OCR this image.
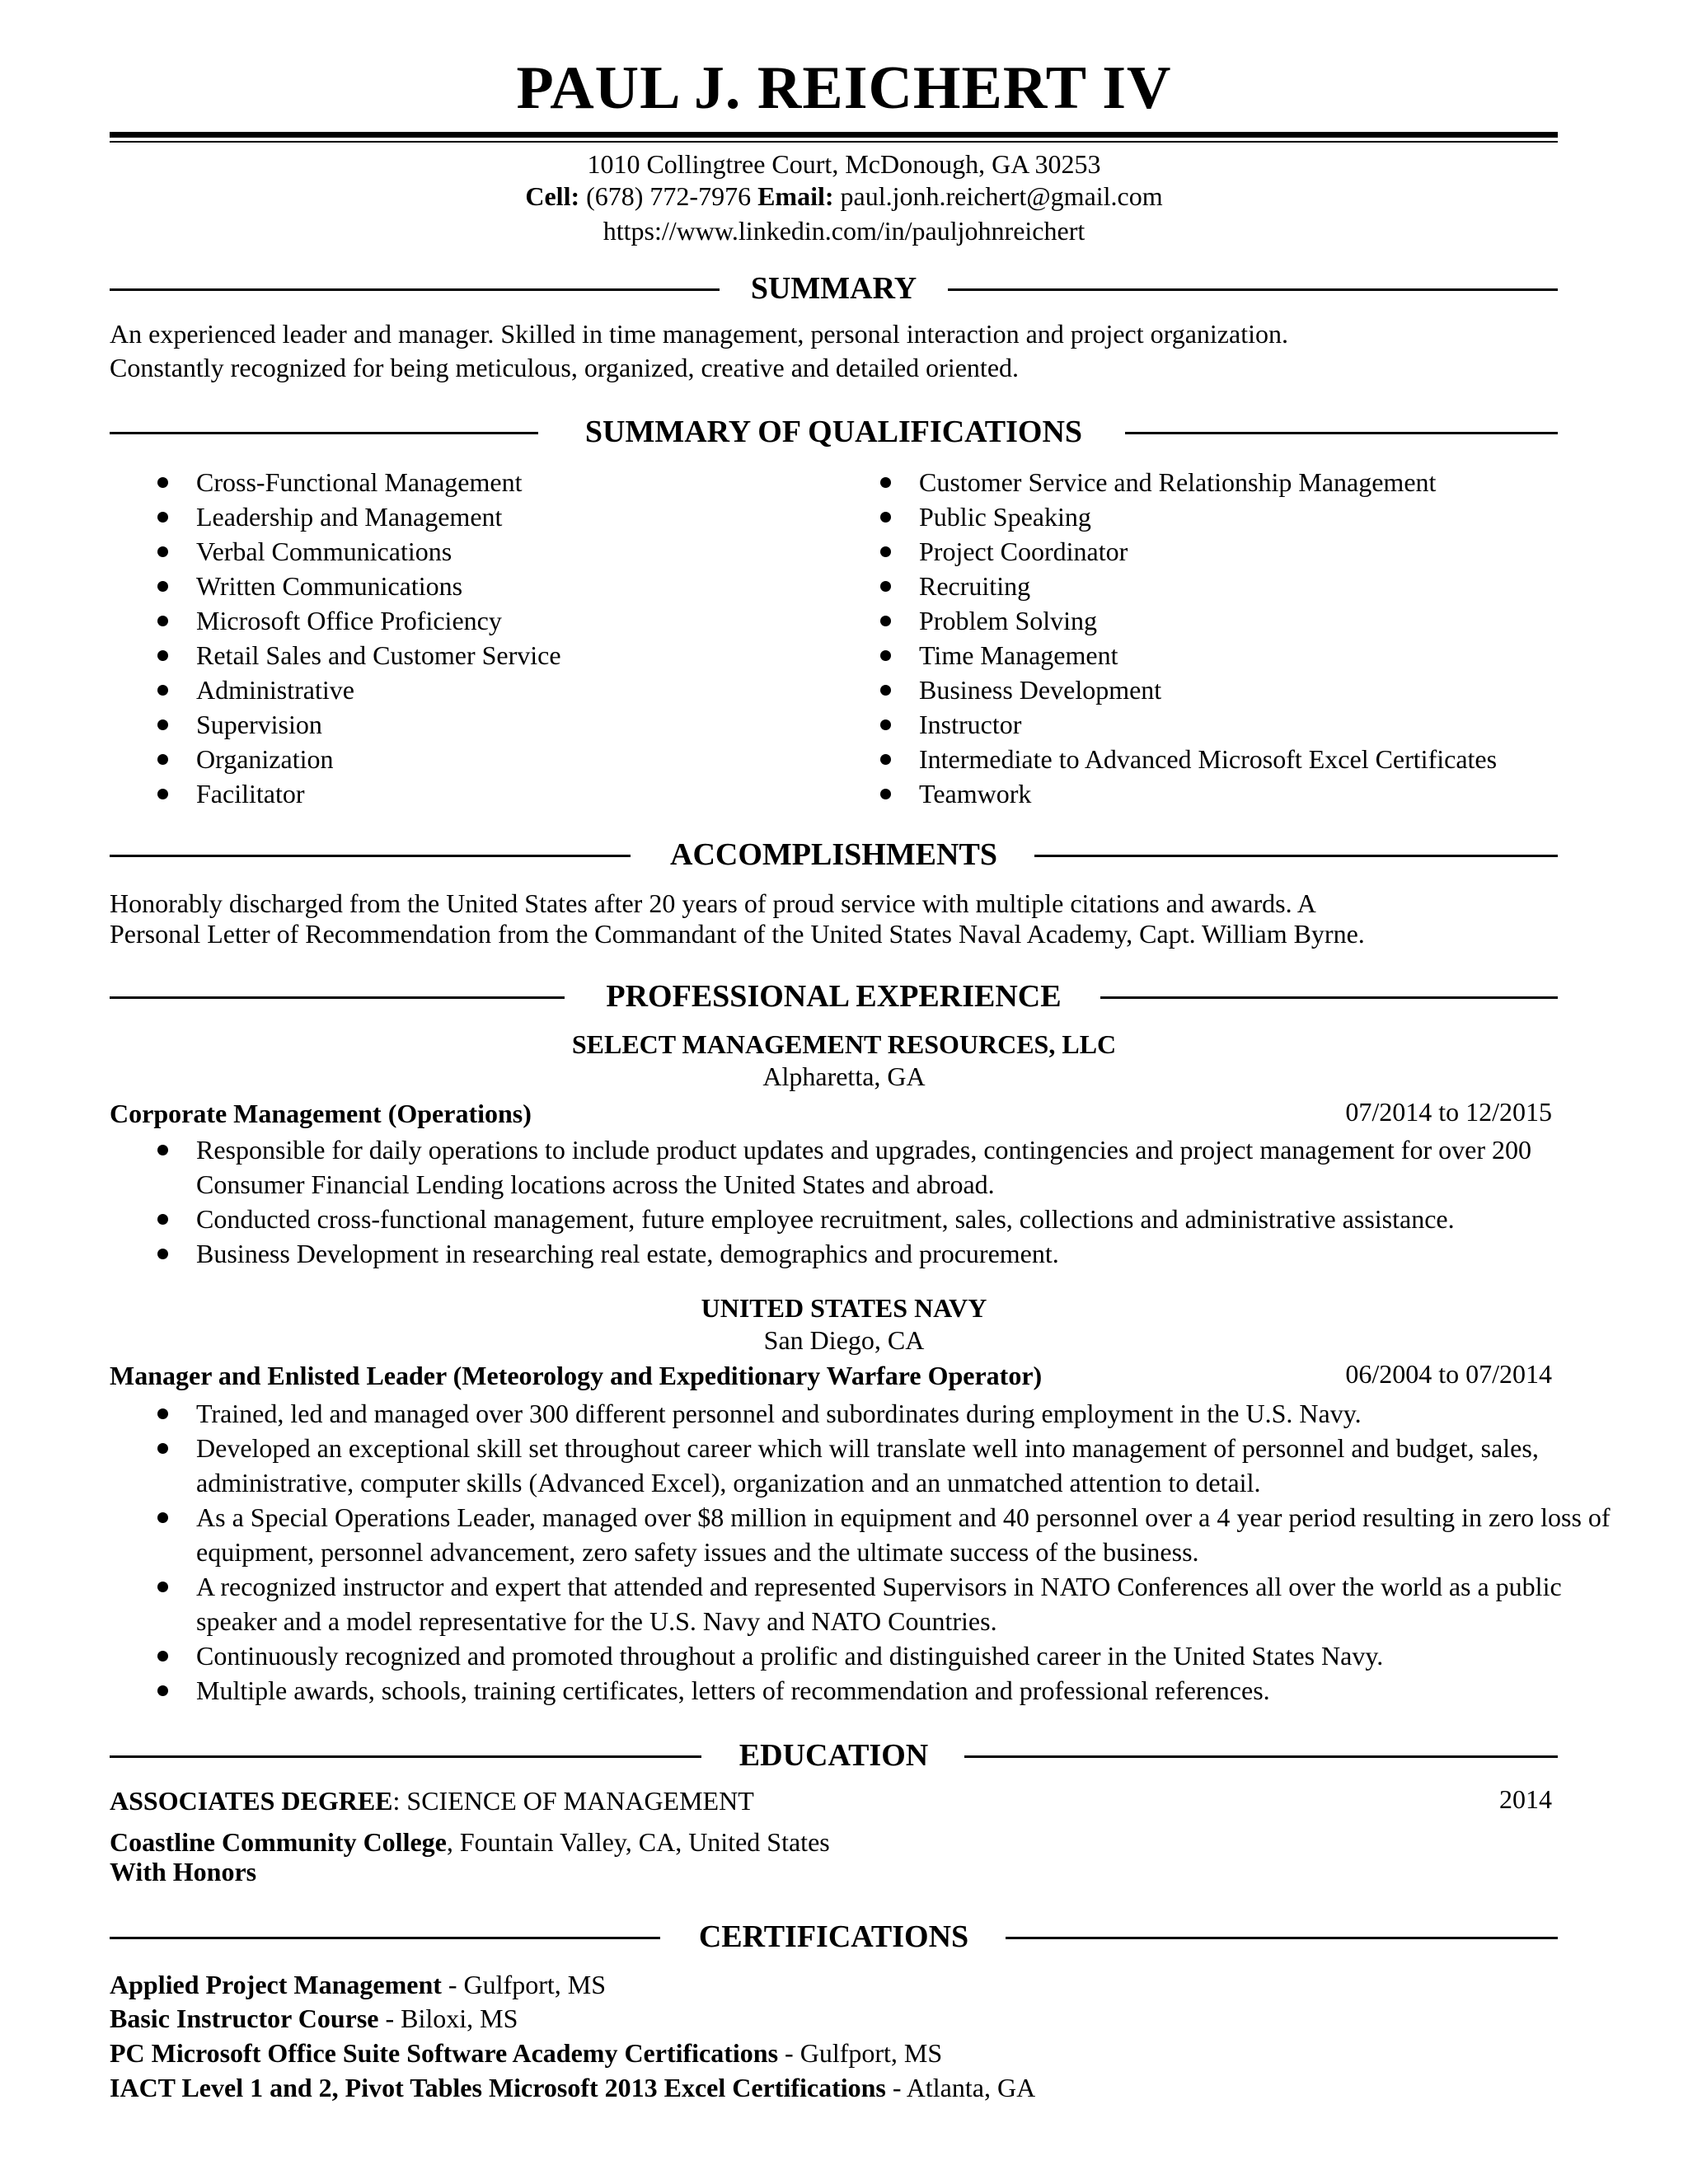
PAUL J. REICHERT IV
1010 Collingtree Court, McDonough, GA 30253
Cell: (678) 772-7976 Email: paul.jonh.reichert@gmail.com
https://www.linkedin.com/in/pauljohnreichert
SUMMARY
An experienced leader and manager. Skilled in time management, personal interaction and project organization.
Constantly recognized for being meticulous, organized, creative and detailed oriented.
SUMMARY OF QUALIFICATIONS
Cross-Functional Management
Leadership and Management
Verbal Communications
Written Communications
Microsoft Office Proficiency
Retail Sales and Customer Service
Administrative
Supervision
Organization
Facilitator
Customer Service and Relationship Management
Public Speaking
Project Coordinator
Recruiting
Problem Solving
Time Management
Business Development
Instructor
Intermediate to Advanced Microsoft Excel Certificates
Teamwork
ACCOMPLISHMENTS
Honorably discharged from the United States after 20 years of proud service with multiple citations and awards. A
Personal Letter of Recommendation from the Commandant of the United States Naval Academy, Capt. William Byrne.
PROFESSIONAL EXPERIENCE
SELECT MANAGEMENT RESOURCES, LLC
Alpharetta, GA
Corporate Management (Operations)	07/2014 to 12/2015
Responsible for daily operations to include product updates and upgrades, contingencies and project management for over 200 Consumer Financial Lending locations across the United States and abroad.
Conducted cross-functional management, future employee recruitment, sales, collections and administrative assistance.
Business Development in researching real estate, demographics and procurement.
UNITED STATES NAVY
San Diego, CA
Manager and Enlisted Leader (Meteorology and Expeditionary Warfare Operator)	06/2004 to 07/2014
Trained, led and managed over 300 different personnel and subordinates during employment in the U.S. Navy.
Developed an exceptional skill set throughout career which will translate well into management of personnel and budget, sales, administrative, computer skills (Advanced Excel), organization and an unmatched attention to detail.
As a Special Operations Leader, managed over $8 million in equipment and 40 personnel over a 4 year period resulting in zero loss of equipment, personnel advancement, zero safety issues and the ultimate success of the business.
A recognized instructor and expert that attended and represented Supervisors in NATO Conferences all over the world as a public speaker and a model representative for the U.S. Navy and NATO Countries.
Continuously recognized and promoted throughout a prolific and distinguished career in the United States Navy.
Multiple awards, schools, training certificates, letters of recommendation and professional references.
EDUCATION
ASSOCIATES DEGREE: SCIENCE OF MANAGEMENT	2014
Coastline Community College, Fountain Valley, CA, United States
With Honors
CERTIFICATIONS
Applied Project Management - Gulfport, MS
Basic Instructor Course - Biloxi, MS
PC Microsoft Office Suite Software Academy Certifications - Gulfport, MS
IACT Level 1 and 2, Pivot Tables Microsoft 2013 Excel Certifications - Atlanta, GA
